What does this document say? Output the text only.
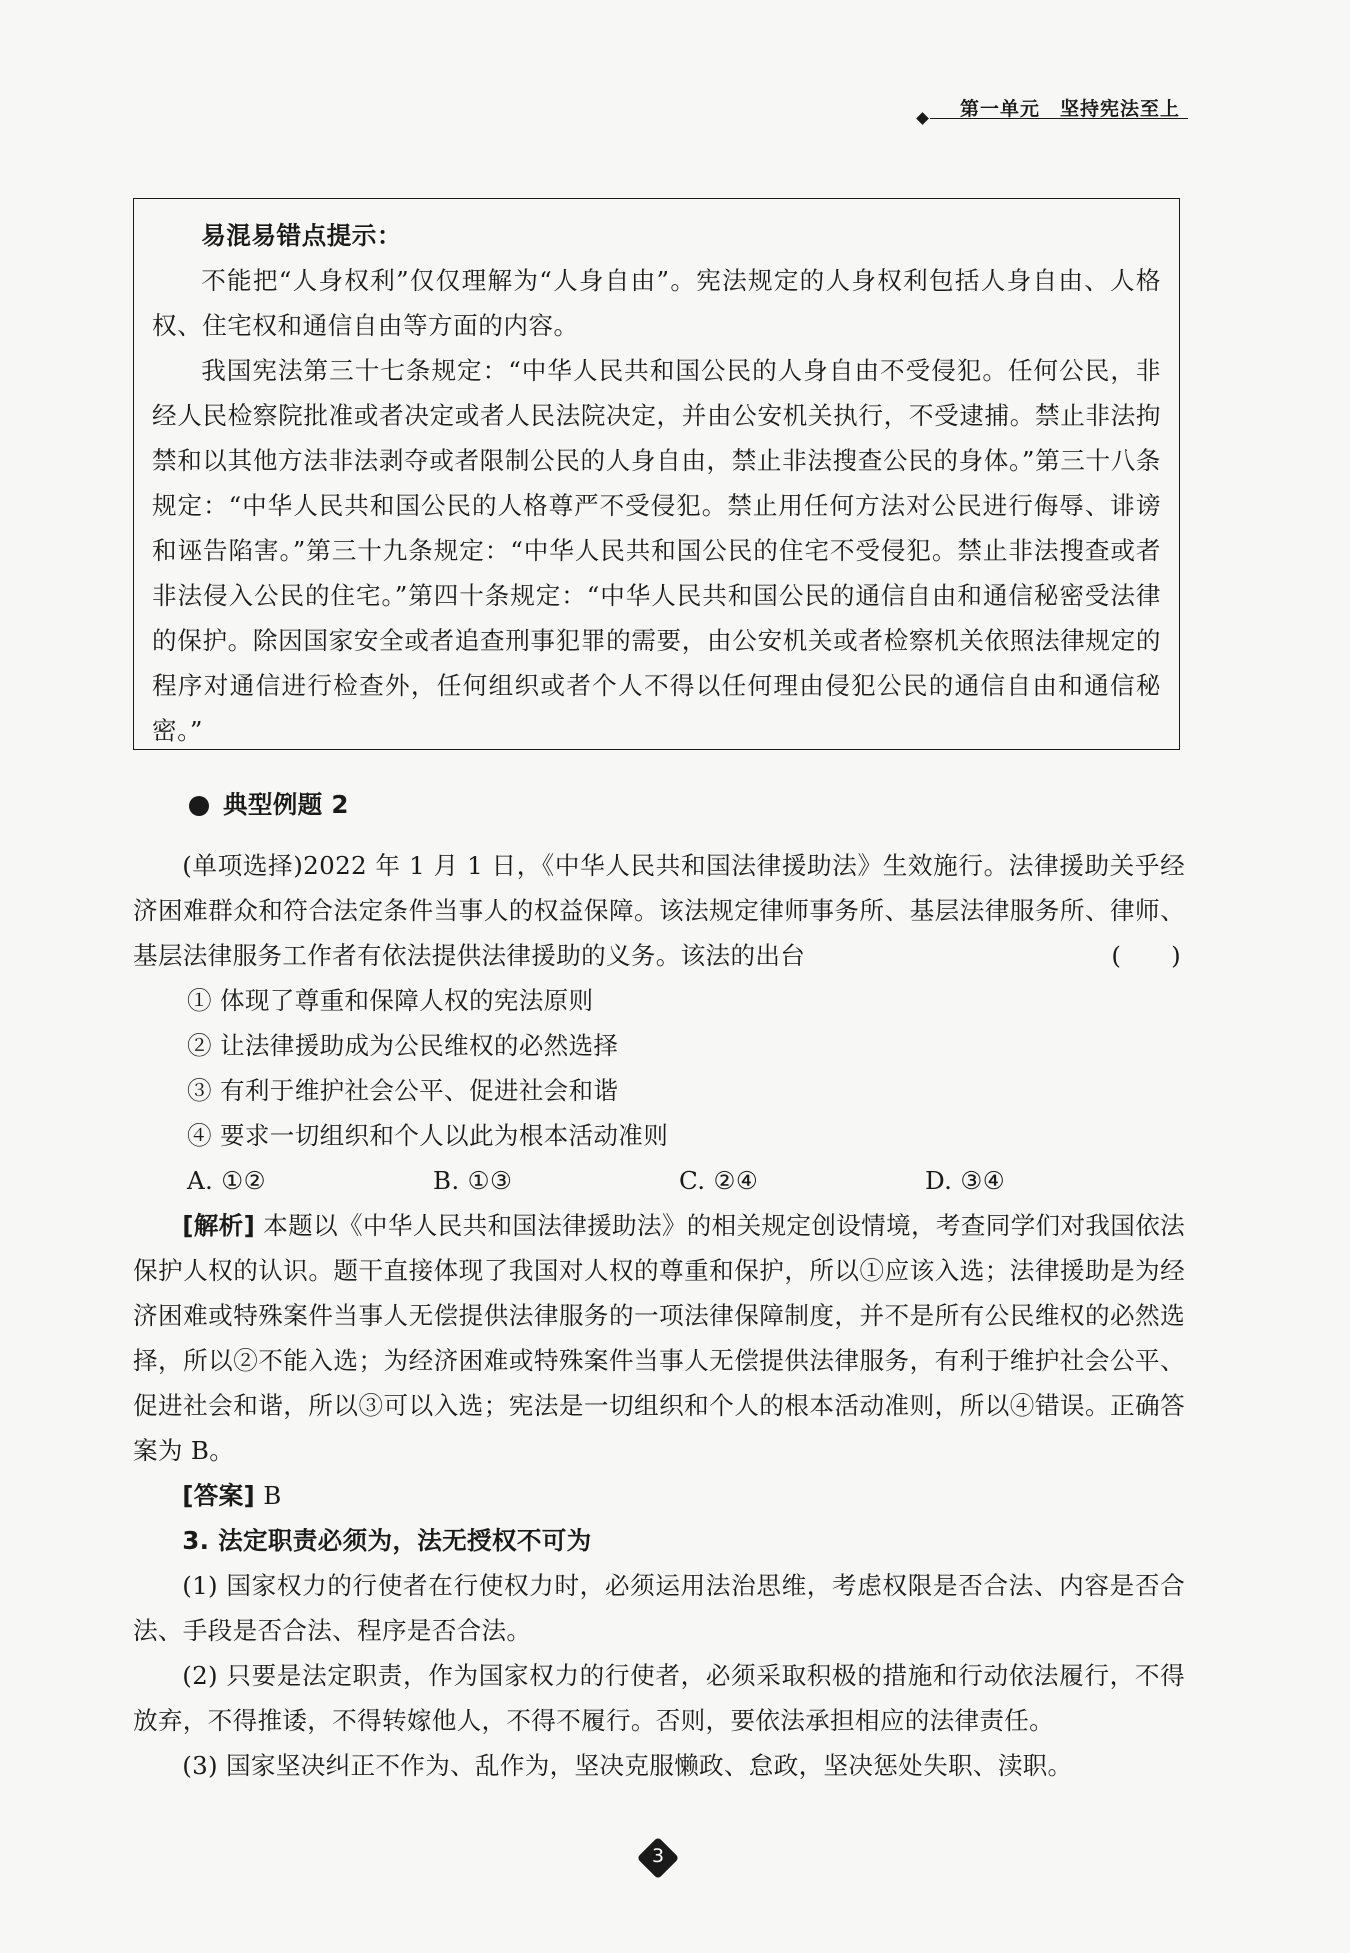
第一单元　坚持宪法至上

易混易错点提示：

不能把“人身权利”仅仅理解为“人身自由”。宪法规定的人身权利包括人身自由、人格权、住宅权和通信自由等方面的内容。

我国宪法第三十七条规定：“中华人民共和国公民的人身自由不受侵犯。任何公民，非经人民检察院批准或者决定或者人民法院决定，并由公安机关执行，不受逮捕。禁止非法拘禁和以其他方法非法剥夺或者限制公民的人身自由，禁止非法搜查公民的身体。”第三十八条规定：“中华人民共和国公民的人格尊严不受侵犯。禁止用任何方法对公民进行侮辱、诽谤和诬告陷害。”第三十九条规定：“中华人民共和国公民的住宅不受侵犯。禁止非法搜查或者非法侵入公民的住宅。”第四十条规定：“中华人民共和国公民的通信自由和通信秘密受法律的保护。除因国家安全或者追查刑事犯罪的需要，由公安机关或者检察机关依照法律规定的程序对通信进行检查外，任何组织或者个人不得以任何理由侵犯公民的通信自由和通信秘密。”

典型例题 2

(单项选择)2022 年 1 月 1 日，《中华人民共和国法律援助法》生效施行。法律援助关乎经济困难群众和符合法定条件当事人的权益保障。该法规定律师事务所、基层法律服务所、律师、基层法律服务工作者有依法提供法律援助的义务。该法的出台	(　　)

① 体现了尊重和保障人权的宪法原则

② 让法律援助成为公民维权的必然选择

③ 有利于维护社会公平、促进社会和谐

④ 要求一切组织和个人以此为根本活动准则

A. ①②	B. ①③	C. ②④	D. ③④

[解析] 本题以《中华人民共和国法律援助法》的相关规定创设情境，考查同学们对我国依法保护人权的认识。题干直接体现了我国对人权的尊重和保护，所以①应该入选；法律援助是为经济困难或特殊案件当事人无偿提供法律服务的一项法律保障制度，并不是所有公民维权的必然选择，所以②不能入选；为经济困难或特殊案件当事人无偿提供法律服务，有利于维护社会公平、促进社会和谐，所以③可以入选；宪法是一切组织和个人的根本活动准则，所以④错误。正确答案为 B。

[答案] B

3. 法定职责必须为，法无授权不可为

(1) 国家权力的行使者在行使权力时，必须运用法治思维，考虑权限是否合法、内容是否合法、手段是否合法、程序是否合法。

(2) 只要是法定职责，作为国家权力的行使者，必须采取积极的措施和行动依法履行，不得放弃，不得推诿，不得转嫁他人，不得不履行。否则，要依法承担相应的法律责任。

(3) 国家坚决纠正不作为、乱作为，坚决克服懒政、怠政，坚决惩处失职、渎职。

3
